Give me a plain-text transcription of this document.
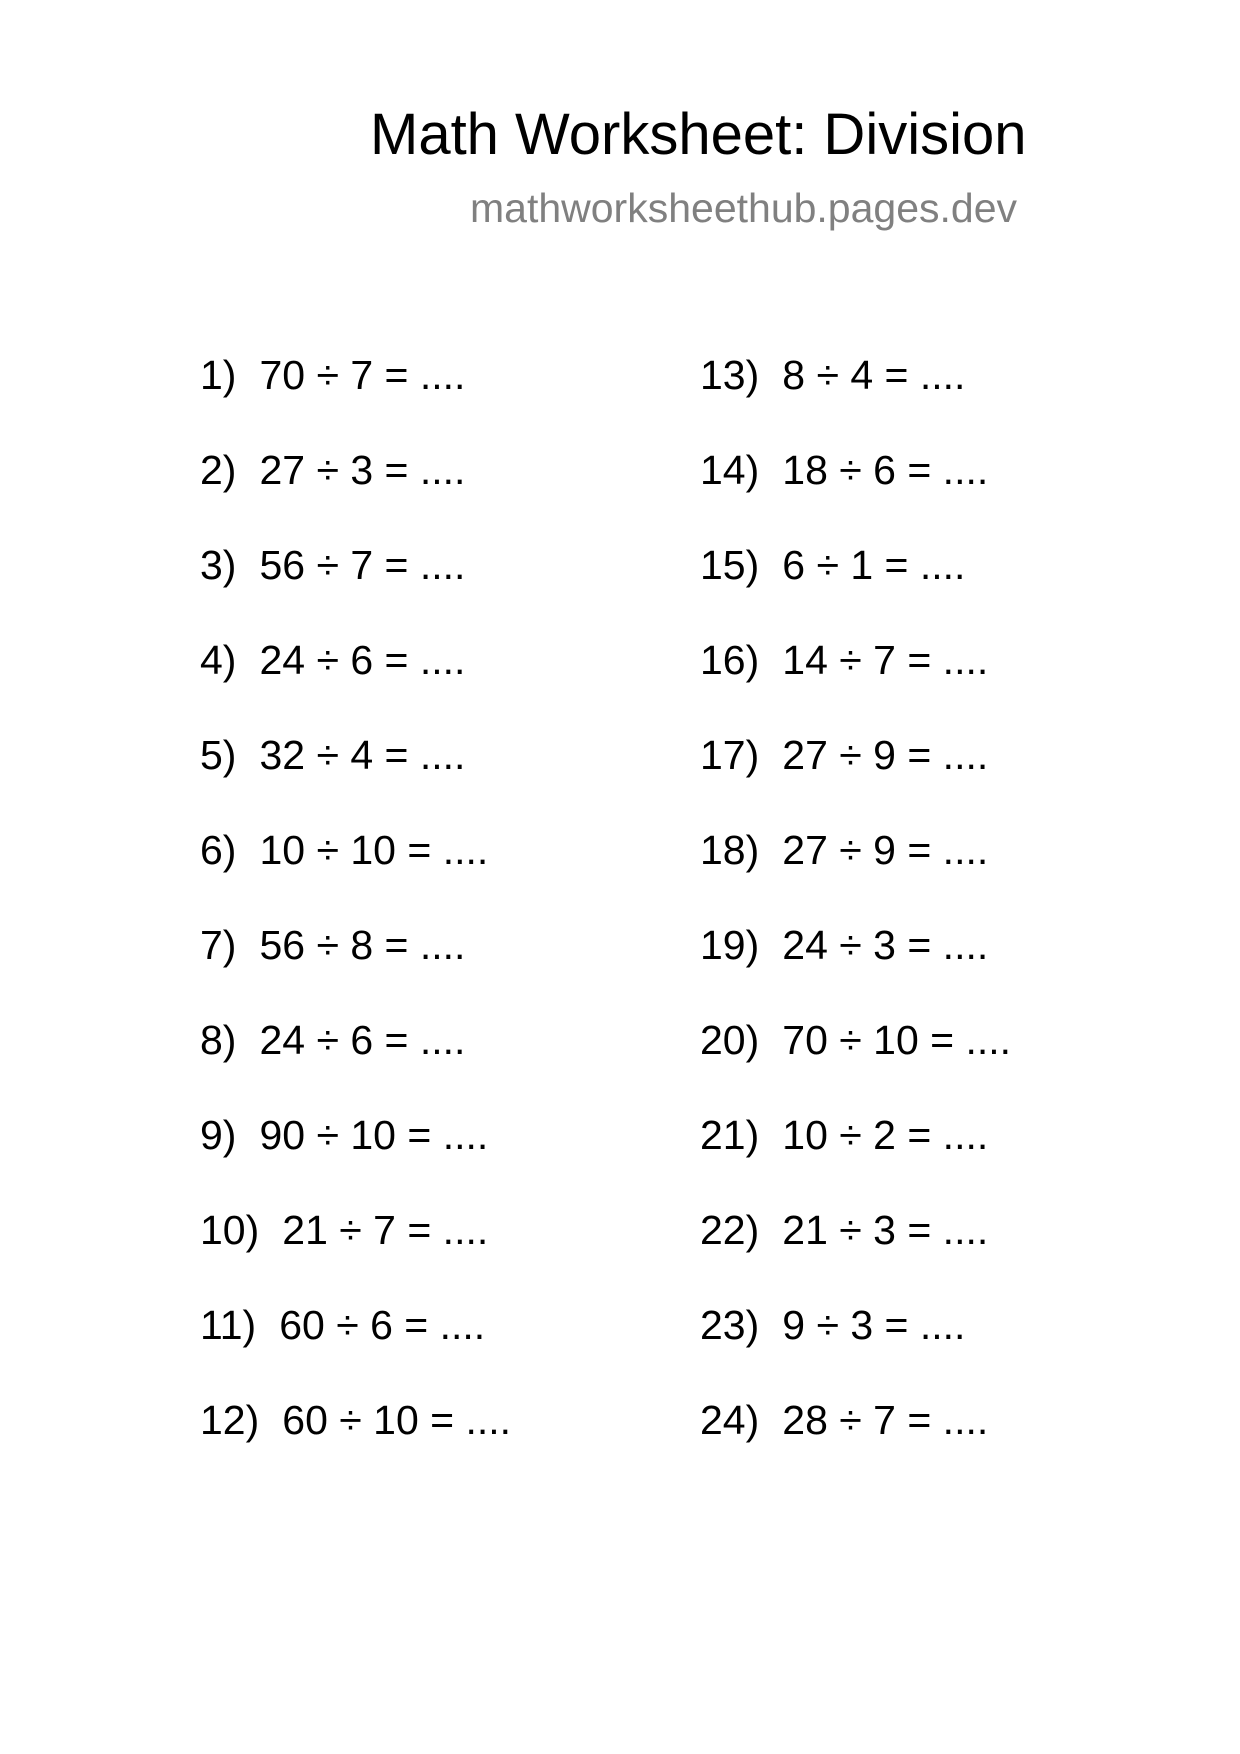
Math Worksheet: Division
mathworksheethub.pages.dev
1) 70 ÷ 7 = ....
2) 27 ÷ 3 = ....
3) 56 ÷ 7 = ....
4) 24 ÷ 6 = ....
5) 32 ÷ 4 = ....
6) 10 ÷ 10 = ....
7) 56 ÷ 8 = ....
8) 24 ÷ 6 = ....
9) 90 ÷ 10 = ....
10) 21 ÷ 7 = ....
11) 60 ÷ 6 = ....
12) 60 ÷ 10 = ....
13) 8 ÷ 4 = ....
14) 18 ÷ 6 = ....
15) 6 ÷ 1 = ....
16) 14 ÷ 7 = ....
17) 27 ÷ 9 = ....
18) 27 ÷ 9 = ....
19) 24 ÷ 3 = ....
20) 70 ÷ 10 = ....
21) 10 ÷ 2 = ....
22) 21 ÷ 3 = ....
23) 9 ÷ 3 = ....
24) 28 ÷ 7 = ....
